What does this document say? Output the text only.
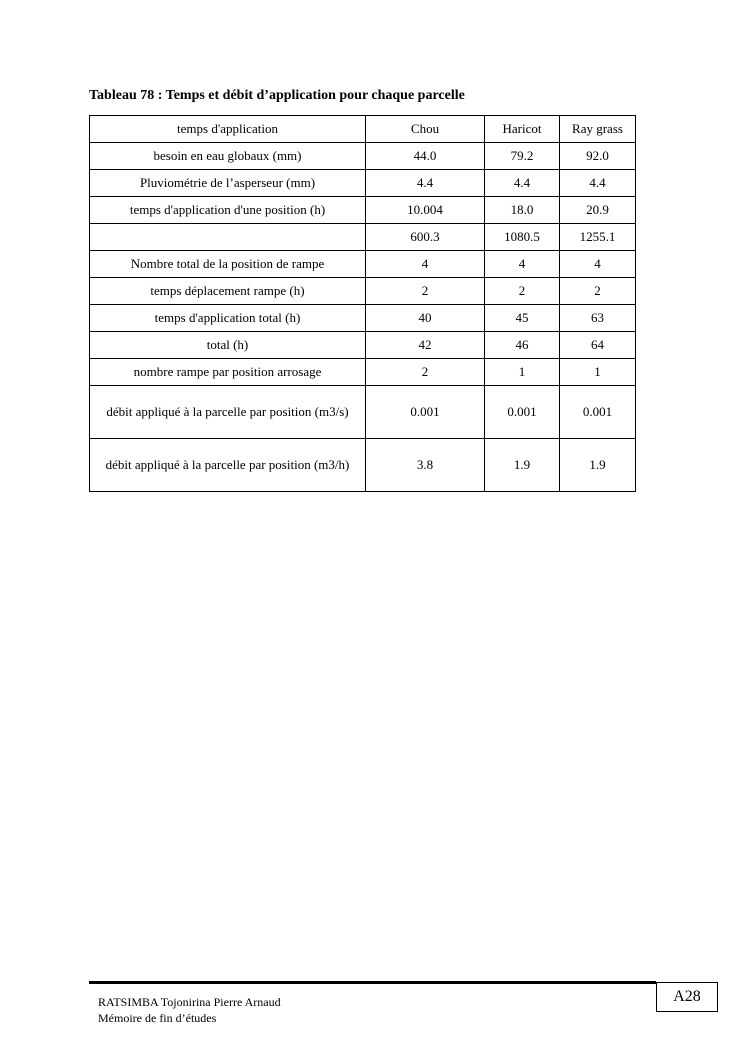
Tableau 78 : Temps et débit d’application pour chaque parcelle
temps d'application	Chou	Haricot	Ray grass
besoin en eau globaux (mm)	44.0	79.2	92.0
Pluviométrie de l’asperseur (mm)	4.4	4.4	4.4
temps d'application d'une position (h)	10.004	18.0	20.9
	600.3	1080.5	1255.1
Nombre total de la position de rampe	4	4	4
temps déplacement rampe (h)	2	2	2
temps d'application total (h)	40	45	63
total (h)	42	46	64
nombre rampe par position arrosage	2	1	1
débit appliqué à la parcelle par position (m3/s)	0.001	0.001	0.001
débit appliqué à la parcelle par position (m3/h)	3.8	1.9	1.9
A28
RATSIMBA Tojonirina Pierre Arnaud
Mémoire de fin d’études
